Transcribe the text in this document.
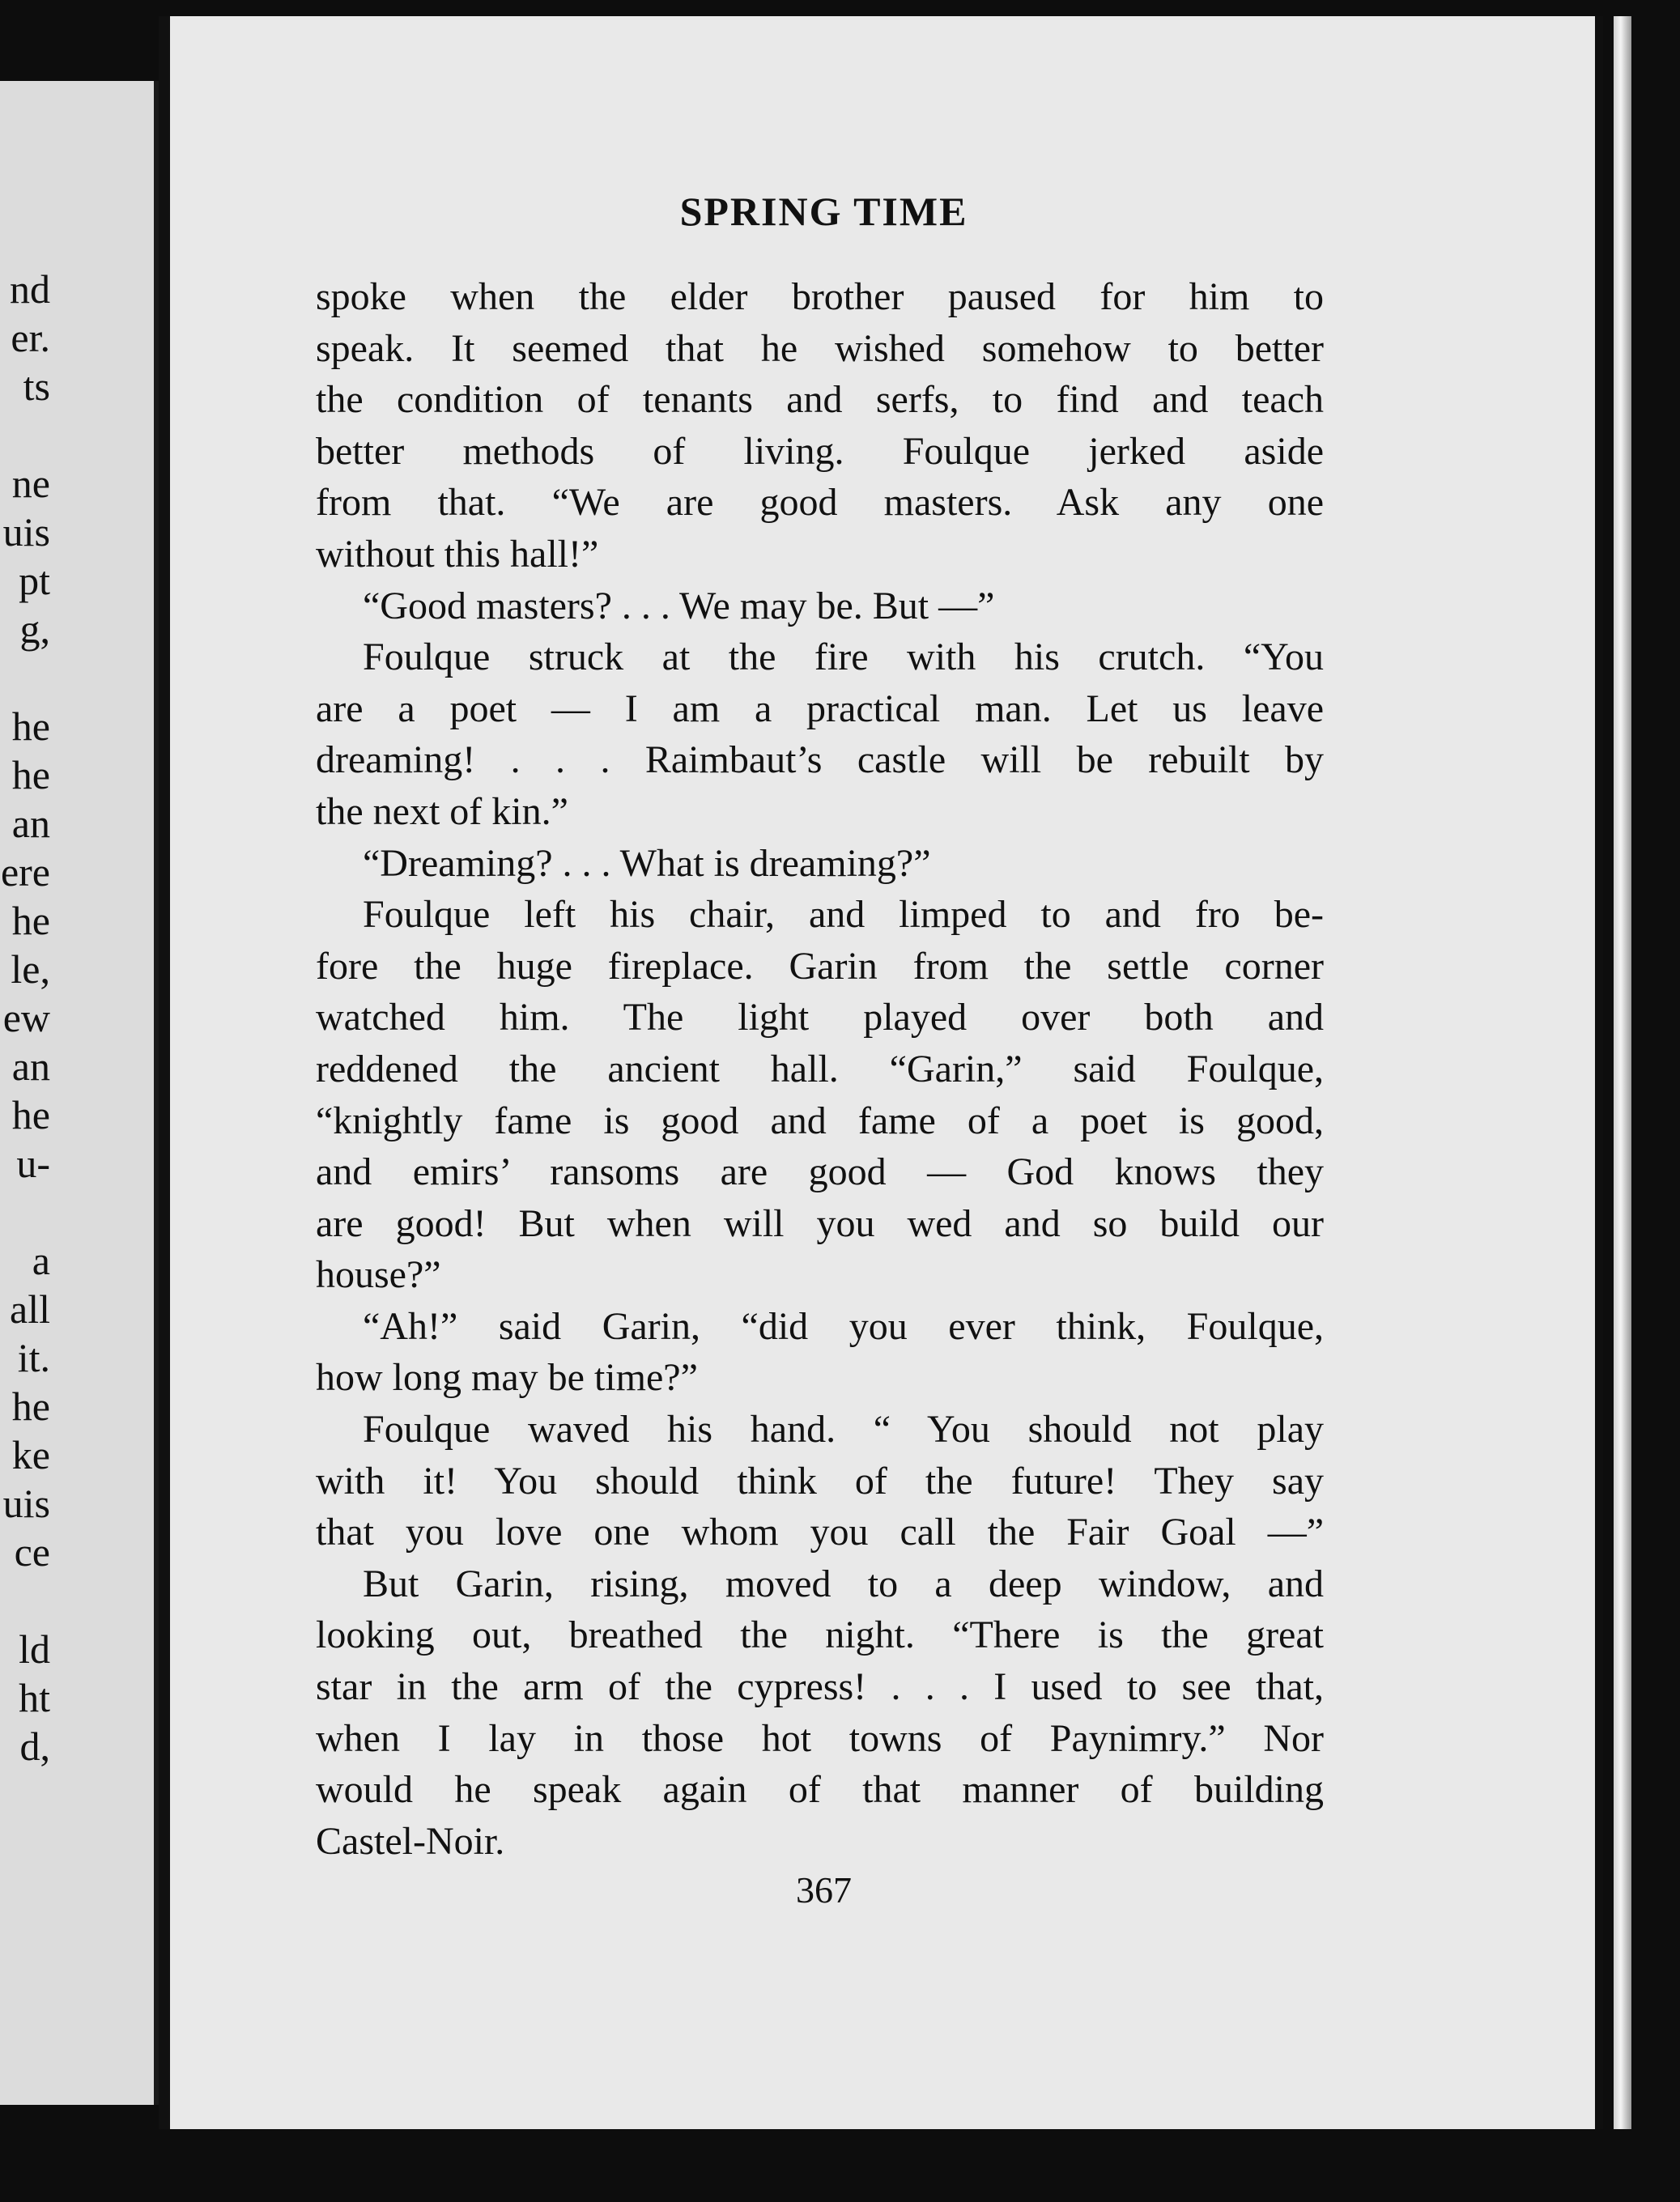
nd
er.
ts
ne
uis
pt
g,
he
he
an
ere
he
le,
ew
an
he
u-
a
all
it.
he
ke
uis
ce
ld
ht
d,
SPRING TIME
spoke when the elder brother paused for him to
speak. It seemed that he wished somehow to better
the condition of tenants and serfs, to find and teach
better methods of living. Foulque jerked aside
from that. “We are good masters. Ask any one
without this hall!”
“Good masters? . . . We may be. But —”
Foulque struck at the fire with his crutch. “You
are a poet — I am a practical man. Let us leave
dreaming! . . . Raimbaut’s castle will be rebuilt by
the next of kin.”
“Dreaming? . . . What is dreaming?”
Foulque left his chair, and limped to and fro be-
fore the huge fireplace. Garin from the settle corner
watched him. The light played over both and
reddened the ancient hall. “Garin,” said Foulque,
“knightly fame is good and fame of a poet is good,
and emirs’ ransoms are good — God knows they
are good! But when will you wed and so build our
house?”
“Ah!” said Garin, “did you ever think, Foulque,
how long may be time?”
Foulque waved his hand. “ You should not play
with it! You should think of the future! They say
that you love one whom you call the Fair Goal —”
But Garin, rising, moved to a deep window, and
looking out, breathed the night. “There is the great
star in the arm of the cypress! . . . I used to see that,
when I lay in those hot towns of Paynimry.” Nor
would he speak again of that manner of building
Castel-Noir.
367
